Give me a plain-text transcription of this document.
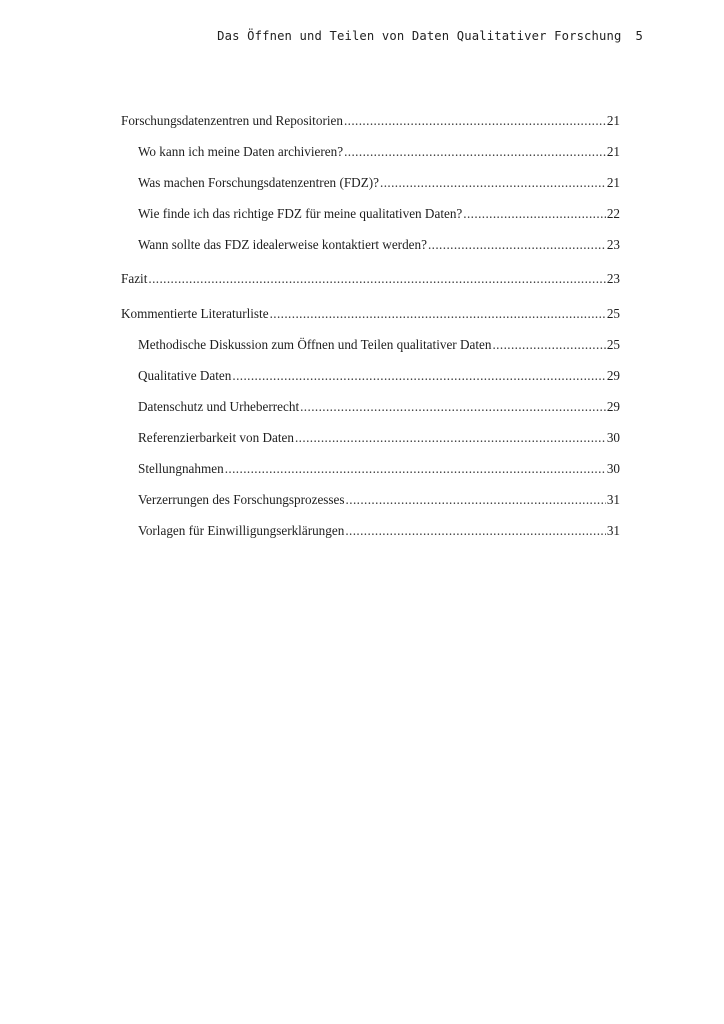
Das Öffnen und Teilen von Daten Qualitativer Forschung 5
Forschungsdatenzentren und Repositorien .....	21
Wo kann ich meine Daten archivieren? .....	21
Was machen Forschungsdatenzentren (FDZ)? .....	21
Wie finde ich das richtige FDZ für meine qualitativen Daten? .....	22
Wann sollte das FDZ idealerweise kontaktiert werden? .....	23
Fazit .....	23
Kommentierte Literaturliste .....	25
Methodische Diskussion zum Öffnen und Teilen qualitativer Daten .....	25
Qualitative Daten .....	29
Datenschutz und Urheberrecht .....	29
Referenzierbarkeit von Daten .....	30
Stellungnahmen .....	30
Verzerrungen des Forschungsprozesses .....	31
Vorlagen für Einwilligungserklärungen .....	31
